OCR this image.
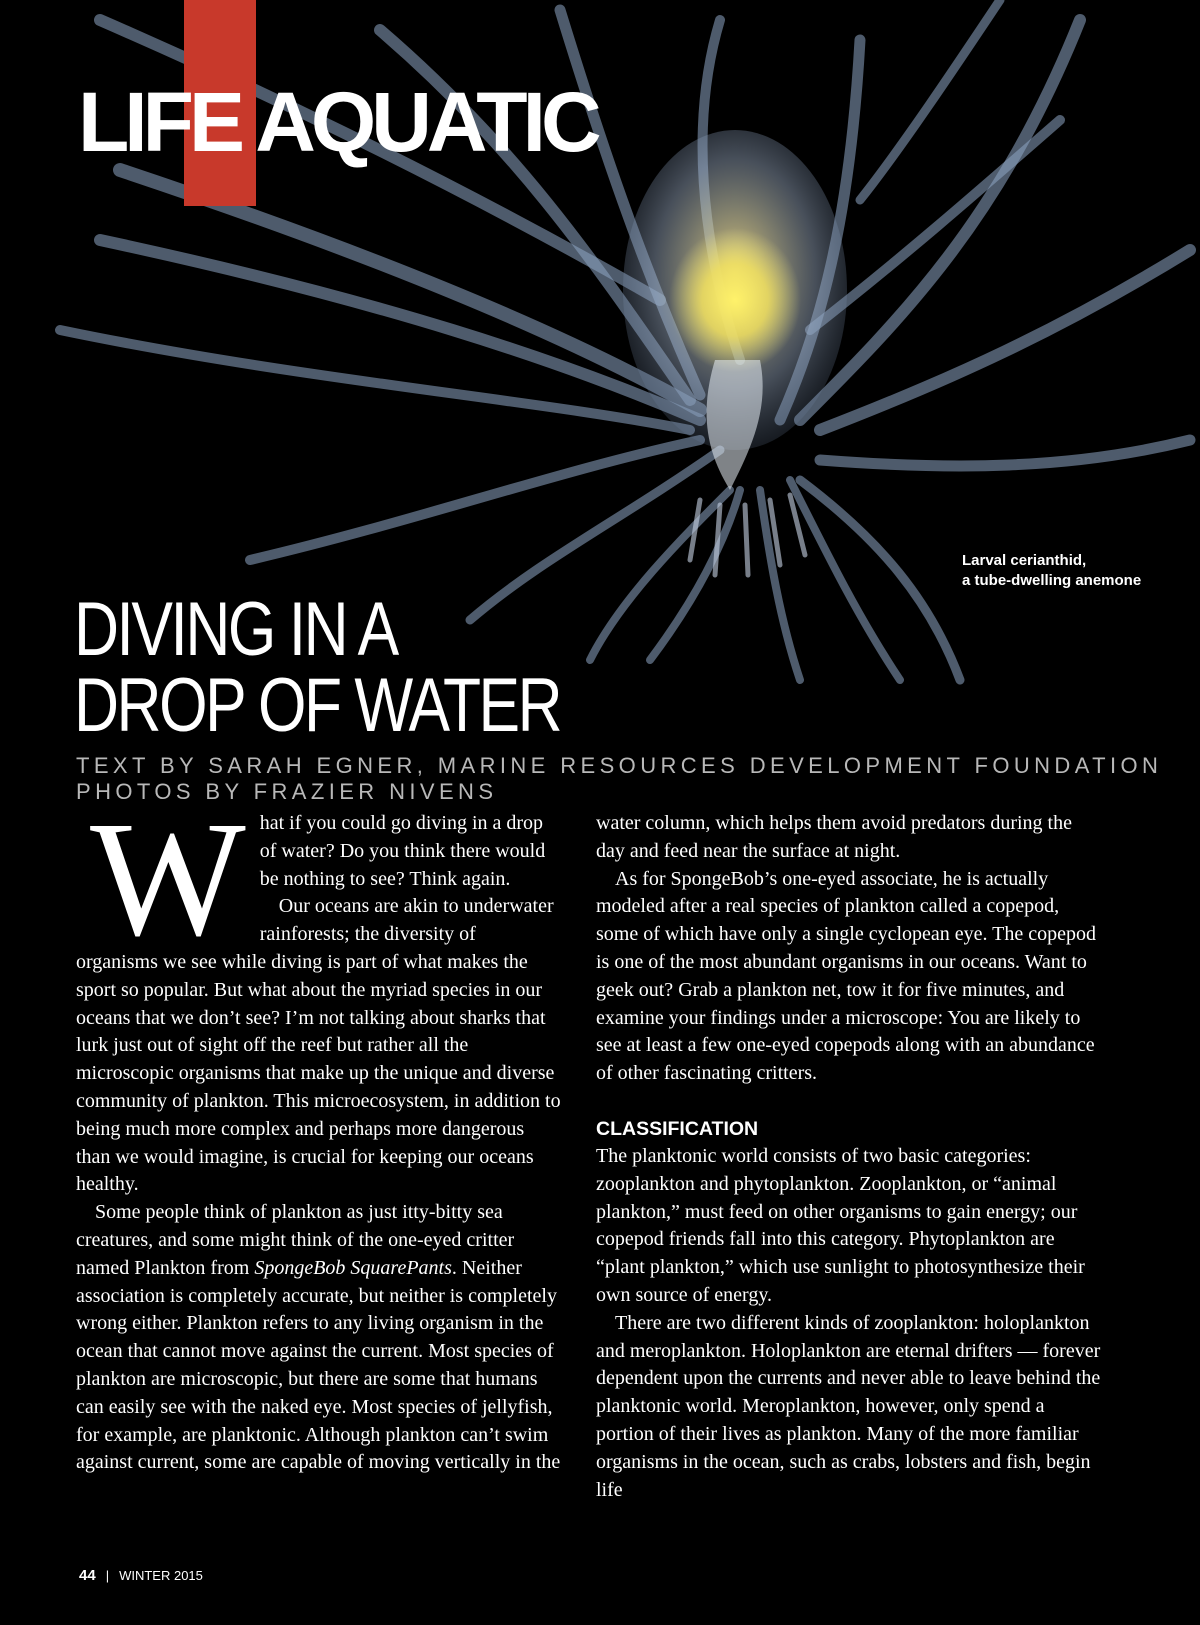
LIFE AQUATIC
Larval cerianthid,
a tube-dwelling anemone
DIVING IN A
DROP OF WATER
TEXT BY SARAH EGNER, MARINE RESOURCES DEVELOPMENT FOUNDATION
PHOTOS BY FRAZIER NIVENS
W hat if you could go diving in a drop of water? Do you think there would be nothing to see? Think again.

Our oceans are akin to underwater rainforests; the diversity of organisms we see while diving is part of what makes the sport so popular. But what about the myriad species in our oceans that we don’t see? I’m not talking about sharks that lurk just out of sight off the reef but rather all the microscopic organisms that make up the unique and diverse community of plankton. This microecosystem, in addition to being much more complex and perhaps more dangerous than we would imagine, is crucial for keeping our oceans healthy.

Some people think of plankton as just itty-bitty sea creatures, and some might think of the one-eyed critter named Plankton from SpongeBob SquarePants. Neither association is completely accurate, but neither is completely wrong either. Plankton refers to any living organism in the ocean that cannot move against the current. Most species of plankton are microscopic, but there are some that humans can easily see with the naked eye. Most species of jellyfish, for example, are planktonic. Although plankton can’t swim against current, some are capable of moving vertically in the

water column, which helps them avoid predators during the day and feed near the surface at night.

As for SpongeBob’s one-eyed associate, he is actually modeled after a real species of plankton called a copepod, some of which have only a single cyclopean eye. The copepod is one of the most abundant organisms in our oceans. Want to geek out? Grab a plankton net, tow it for five minutes, and examine your findings under a microscope: You are likely to see at least a few one-eyed copepods along with an abundance of other fascinating critters.

CLASSIFICATION

The planktonic world consists of two basic categories: zooplankton and phytoplankton. Zooplankton, or “animal plankton,” must feed on other organisms to gain energy; our copepod friends fall into this category. Phytoplankton are “plant plankton,” which use sunlight to photosynthesize their own source of energy.

There are two different kinds of zooplankton: holoplankton and meroplankton. Holoplankton are eternal drifters — forever dependent upon the currents and never able to leave behind the planktonic world. Meroplankton, however, only spend a portion of their lives as plankton. Many of the more familiar organisms in the ocean, such as crabs, lobsters and fish, begin life

44 | WINTER 2015
